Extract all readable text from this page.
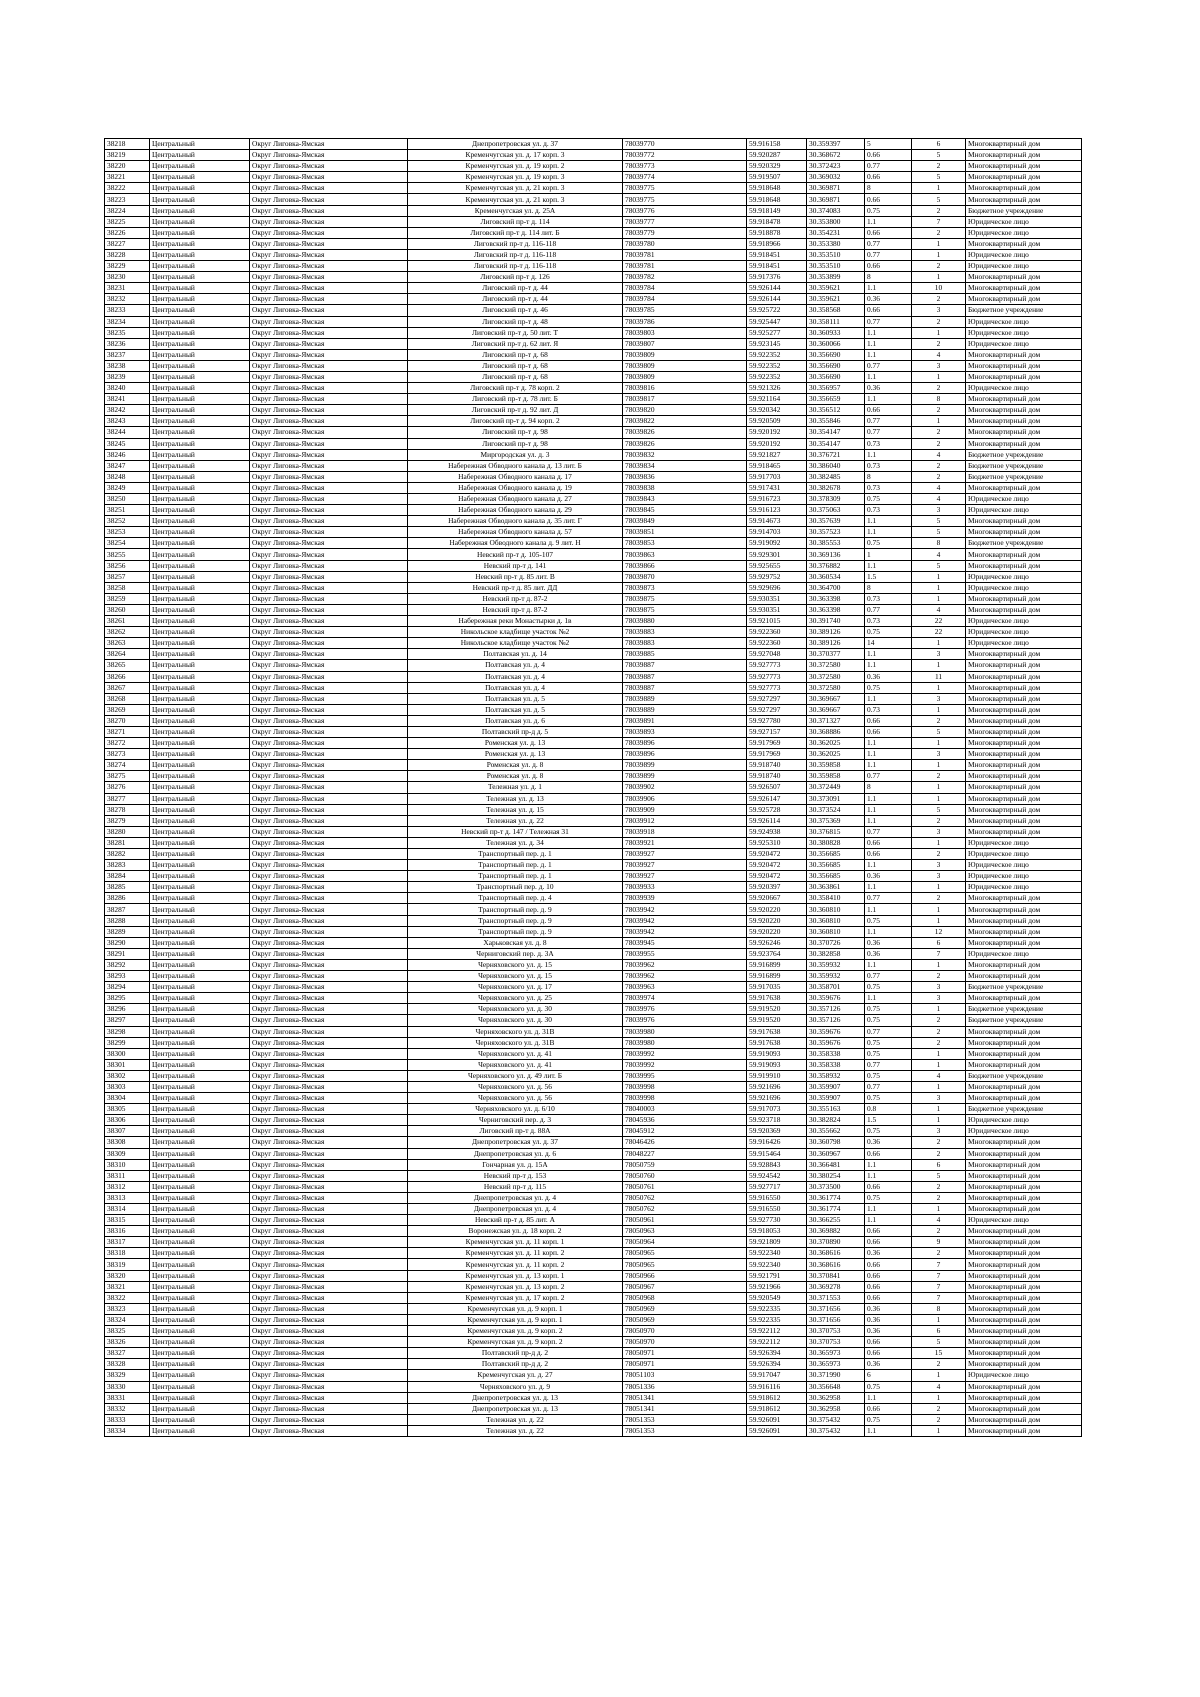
38218	Центральный	Округ Лиговка-Ямская	Днепропетровская ул. д. 37	78039770	59.916158	30.359397	5	6	Многоквартирный дом
38219	Центральный	Округ Лиговка-Ямская	Кременчугская ул. д. 17 корп. 3	78039772	59.920287	30.368672	0.66	5	Многоквартирный дом
38220	Центральный	Округ Лиговка-Ямская	Кременчугская ул. д. 19 корп. 2	78039773	59.920329	30.372423	0.77	2	Многоквартирный дом
38221	Центральный	Округ Лиговка-Ямская	Кременчугская ул. д. 19 корп. 3	78039774	59.919507	30.369032	0.66	5	Многоквартирный дом
38222	Центральный	Округ Лиговка-Ямская	Кременчугская ул. д. 21 корп. 3	78039775	59.918648	30.369871	8	1	Многоквартирный дом
38223	Центральный	Округ Лиговка-Ямская	Кременчугская ул. д. 21 корп. 3	78039775	59.918648	30.369871	0.66	5	Многоквартирный дом
38224	Центральный	Округ Лиговка-Ямская	Кременчугская ул. д. 25А	78039776	59.918149	30.374083	0.75	2	Бюджетное учреждение
38225	Центральный	Округ Лиговка-Ямская	Лиговский пр-т д. 114	78039777	59.918478	30.353800	1.1	7	Юридическое лицо
38226	Центральный	Округ Лиговка-Ямская	Лиговский пр-т д. 114 лит. Б	78039779	59.918878	30.354231	0.66	2	Юридическое лицо
38227	Центральный	Округ Лиговка-Ямская	Лиговский пр-т д. 116-118	78039780	59.918966	30.353380	0.77	1	Многоквартирный дом
38228	Центральный	Округ Лиговка-Ямская	Лиговский пр-т д. 116-118	78039781	59.918451	30.353510	0.77	1	Юридическое лицо
38229	Центральный	Округ Лиговка-Ямская	Лиговский пр-т д. 116-118	78039781	59.918451	30.353510	0.66	2	Юридическое лицо
38230	Центральный	Округ Лиговка-Ямская	Лиговский пр-т д. 126	78039782	59.917376	30.353899	8	1	Многоквартирный дом
38231	Центральный	Округ Лиговка-Ямская	Лиговский пр-т д. 44	78039784	59.926144	30.359621	1.1	10	Многоквартирный дом
38232	Центральный	Округ Лиговка-Ямская	Лиговский пр-т д. 44	78039784	59.926144	30.359621	0.36	2	Многоквартирный дом
38233	Центральный	Округ Лиговка-Ямская	Лиговский пр-т д. 46	78039785	59.925722	30.358568	0.66	3	Бюджетное учреждение
38234	Центральный	Округ Лиговка-Ямская	Лиговский пр-т д. 48	78039786	59.925447	30.358111	0.77	2	Юридическое лицо
38235	Центральный	Округ Лиговка-Ямская	Лиговский пр-т д. 50 лит. Т	78039803	59.925277	30.360933	1.1	1	Юридическое лицо
38236	Центральный	Округ Лиговка-Ямская	Лиговский пр-т д. 62 лит. Я	78039807	59.923145	30.360066	1.1	2	Юридическое лицо
38237	Центральный	Округ Лиговка-Ямская	Лиговский пр-т д. 68	78039809	59.922352	30.356690	1.1	4	Многоквартирный дом
38238	Центральный	Округ Лиговка-Ямская	Лиговский пр-т д. 68	78039809	59.922352	30.356690	0.77	3	Многоквартирный дом
38239	Центральный	Округ Лиговка-Ямская	Лиговский пр-т д. 68	78039809	59.922352	30.356690	1.1	1	Многоквартирный дом
38240	Центральный	Округ Лиговка-Ямская	Лиговский пр-т д. 78 корп. 2	78039816	59.921326	30.356957	0.36	2	Юридическое лицо
38241	Центральный	Округ Лиговка-Ямская	Лиговский пр-т д. 78 лит. Б	78039817	59.921164	30.356659	1.1	8	Многоквартирный дом
38242	Центральный	Округ Лиговка-Ямская	Лиговский пр-т д. 92 лит. Д	78039820	59.920342	30.356512	0.66	2	Многоквартирный дом
38243	Центральный	Округ Лиговка-Ямская	Лиговский пр-т д. 94 корп. 2	78039822	59.920509	30.355846	0.77	1	Многоквартирный дом
38244	Центральный	Округ Лиговка-Ямская	Лиговский пр-т д. 98	78039826	59.920192	30.354147	0.77	2	Многоквартирный дом
38245	Центральный	Округ Лиговка-Ямская	Лиговский пр-т д. 98	78039826	59.920192	30.354147	0.73	2	Многоквартирный дом
38246	Центральный	Округ Лиговка-Ямская	Миргородская ул. д. 3	78039832	59.921827	30.376721	1.1	4	Бюджетное учреждение
38247	Центральный	Округ Лиговка-Ямская	Набережная Обводного канала д. 13 лит. Б	78039834	59.918465	30.386040	0.73	2	Бюджетное учреждение
38248	Центральный	Округ Лиговка-Ямская	Набережная Обводного канала д. 17	78039836	59.917703	30.382485	8	2	Бюджетное учреждение
38249	Центральный	Округ Лиговка-Ямская	Набережная Обводного канала д. 19	78039838	59.917431	30.382678	0.73	4	Многоквартирный дом
38250	Центральный	Округ Лиговка-Ямская	Набережная Обводного канала д. 27	78039843	59.916723	30.378309	0.75	4	Юридическое лицо
38251	Центральный	Округ Лиговка-Ямская	Набережная Обводного канала д. 29	78039845	59.916123	30.375063	0.73	3	Юридическое лицо
38252	Центральный	Округ Лиговка-Ямская	Набережная Обводного канала д. 35 лит. Г	78039849	59.914673	30.357639	1.1	5	Многоквартирный дом
38253	Центральный	Округ Лиговка-Ямская	Набережная Обводного канала д. 57	78039851	59.914703	30.357523	1.1	5	Многоквартирный дом
38254	Центральный	Округ Лиговка-Ямская	Набережная Обводного канала д. 9 лит. Н	78039853	59.919092	30.385553	0.75	8	Бюджетное учреждение
38255	Центральный	Округ Лиговка-Ямская	Невский пр-т д. 105-107	78039863	59.929301	30.369136	1	4	Многоквартирный дом
38256	Центральный	Округ Лиговка-Ямская	Невский пр-т д. 141	78039866	59.925655	30.376882	1.1	5	Многоквартирный дом
38257	Центральный	Округ Лиговка-Ямская	Невский пр-т д. 85 лит. В	78039870	59.929752	30.360534	1.5	1	Юридическое лицо
38258	Центральный	Округ Лиговка-Ямская	Невский пр-т д. 85 лит. ДД	78039873	59.929696	30.364700	8	1	Юридическое лицо
38259	Центральный	Округ Лиговка-Ямская	Невский пр-т д. 87-2	78039875	59.930351	30.363398	0.73	1	Многоквартирный дом
38260	Центральный	Округ Лиговка-Ямская	Невский пр-т д. 87-2	78039875	59.930351	30.363398	0.77	4	Многоквартирный дом
38261	Центральный	Округ Лиговка-Ямская	Набережная реки Монастырки д. 1в	78039880	59.921015	30.391740	0.73	22	Юридическое лицо
38262	Центральный	Округ Лиговка-Ямская	Никольское кладбище участок №2	78039883	59.922360	30.389126	0.75	22	Юридическое лицо
38263	Центральный	Округ Лиговка-Ямская	Никольское кладбище участок №2	78039883	59.922360	30.389126	14	1	Юридическое лицо
38264	Центральный	Округ Лиговка-Ямская	Полтавская ул. д. 14	78039885	59.927048	30.370377	1.1	3	Многоквартирный дом
38265	Центральный	Округ Лиговка-Ямская	Полтавская ул. д. 4	78039887	59.927773	30.372580	1.1	1	Многоквартирный дом
38266	Центральный	Округ Лиговка-Ямская	Полтавская ул. д. 4	78039887	59.927773	30.372580	0.36	11	Многоквартирный дом
38267	Центральный	Округ Лиговка-Ямская	Полтавская ул. д. 4	78039887	59.927773	30.372580	0.75	1	Многоквартирный дом
38268	Центральный	Округ Лиговка-Ямская	Полтавская ул. д. 5	78039889	59.927297	30.369667	1.1	3	Многоквартирный дом
38269	Центральный	Округ Лиговка-Ямская	Полтавская ул. д. 5	78039889	59.927297	30.369667	0.73	1	Многоквартирный дом
38270	Центральный	Округ Лиговка-Ямская	Полтавская ул. д. 6	78039891	59.927780	30.371327	0.66	2	Многоквартирный дом
38271	Центральный	Округ Лиговка-Ямская	Полтавский пр-д д. 5	78039893	59.927157	30.368886	0.66	5	Многоквартирный дом
38272	Центральный	Округ Лиговка-Ямская	Роменская ул. д. 13	78039896	59.917969	30.362025	1.1	1	Многоквартирный дом
38273	Центральный	Округ Лиговка-Ямская	Роменская ул. д. 13	78039896	59.917969	30.362025	1.1	3	Многоквартирный дом
38274	Центральный	Округ Лиговка-Ямская	Роменская ул. д. 8	78039899	59.918740	30.359858	1.1	1	Многоквартирный дом
38275	Центральный	Округ Лиговка-Ямская	Роменская ул. д. 8	78039899	59.918740	30.359858	0.77	2	Многоквартирный дом
38276	Центральный	Округ Лиговка-Ямская	Тележная ул. д. 1	78039902	59.926507	30.372449	8	1	Многоквартирный дом
38277	Центральный	Округ Лиговка-Ямская	Тележная ул. д. 13	78039906	59.926147	30.373091	1.1	1	Многоквартирный дом
38278	Центральный	Округ Лиговка-Ямская	Тележная ул. д. 15	78039909	59.925728	30.373524	1.1	5	Многоквартирный дом
38279	Центральный	Округ Лиговка-Ямская	Тележная ул. д. 22	78039912	59.926114	30.375369	1.1	2	Многоквартирный дом
38280	Центральный	Округ Лиговка-Ямская	Невский пр-т д. 147 / Тележная 31	78039918	59.924938	30.376815	0.77	3	Многоквартирный дом
38281	Центральный	Округ Лиговка-Ямская	Тележная ул. д. 34	78039921	59.925310	30.380828	0.66	1	Юридическое лицо
38282	Центральный	Округ Лиговка-Ямская	Транспортный пер. д. 1	78039927	59.920472	30.356685	0.66	2	Юридическое лицо
38283	Центральный	Округ Лиговка-Ямская	Транспортный пер. д. 1	78039927	59.920472	30.356685	1.1	3	Юридическое лицо
38284	Центральный	Округ Лиговка-Ямская	Транспортный пер. д. 1	78039927	59.920472	30.356685	0.36	3	Юридическое лицо
38285	Центральный	Округ Лиговка-Ямская	Транспортный пер. д. 10	78039933	59.920397	30.363861	1.1	1	Юридическое лицо
38286	Центральный	Округ Лиговка-Ямская	Транспортный пер. д. 4	78039939	59.920667	30.358410	0.77	2	Многоквартирный дом
38287	Центральный	Округ Лиговка-Ямская	Транспортный пер. д. 9	78039942	59.920220	30.360810	1.1	1	Многоквартирный дом
38288	Центральный	Округ Лиговка-Ямская	Транспортный пер. д. 9	78039942	59.920220	30.360810	0.75	1	Многоквартирный дом
38289	Центральный	Округ Лиговка-Ямская	Транспортный пер. д. 9	78039942	59.920220	30.360810	1.1	12	Многоквартирный дом
38290	Центральный	Округ Лиговка-Ямская	Харьковская ул. д. 8	78039945	59.926246	30.370726	0.36	6	Многоквартирный дом
38291	Центральный	Округ Лиговка-Ямская	Черниговский пер. д. 3А	78039955	59.923764	30.382858	0.36	7	Юридическое лицо
38292	Центральный	Округ Лиговка-Ямская	Черняховского ул. д. 15	78039962	59.916899	30.359932	1.1	1	Многоквартирный дом
38293	Центральный	Округ Лиговка-Ямская	Черняховского ул. д. 15	78039962	59.916899	30.359932	0.77	2	Многоквартирный дом
38294	Центральный	Округ Лиговка-Ямская	Черняховского ул. д. 17	78039963	59.917035	30.358701	0.75	3	Бюджетное учреждение
38295	Центральный	Округ Лиговка-Ямская	Черняховского ул. д. 25	78039974	59.917638	30.359676	1.1	3	Многоквартирный дом
38296	Центральный	Округ Лиговка-Ямская	Черняховского ул. д. 30	78039976	59.919520	30.357126	0.75	1	Бюджетное учреждение
38297	Центральный	Округ Лиговка-Ямская	Черняховского ул. д. 30	78039976	59.919520	30.357126	0.75	2	Бюджетное учреждение
38298	Центральный	Округ Лиговка-Ямская	Черняховского ул. д. 31В	78039980	59.917638	30.359676	0.77	2	Многоквартирный дом
38299	Центральный	Округ Лиговка-Ямская	Черняховского ул. д. 31В	78039980	59.917638	30.359676	0.75	2	Многоквартирный дом
38300	Центральный	Округ Лиговка-Ямская	Черняховского ул. д. 41	78039992	59.919093	30.358338	0.75	1	Многоквартирный дом
38301	Центральный	Округ Лиговка-Ямская	Черняховского ул. д. 41	78039992	59.919093	30.358338	0.77	1	Многоквартирный дом
38302	Центральный	Округ Лиговка-Ямская	Черняховского ул. д. 49 лит. Б	78039995	59.919910	30.358932	0.75	4	Бюджетное учреждение
38303	Центральный	Округ Лиговка-Ямская	Черняховского ул. д. 56	78039998	59.921696	30.359907	0.77	1	Многоквартирный дом
38304	Центральный	Округ Лиговка-Ямская	Черняховского ул. д. 56	78039998	59.921696	30.359907	0.75	3	Многоквартирный дом
38305	Центральный	Округ Лиговка-Ямская	Черняховского ул. д. 6/10	78040003	59.917073	30.355163	0.8	1	Бюджетное учреждение
38306	Центральный	Округ Лиговка-Ямская	Черниговский пер. д. 3	78045936	59.923718	30.382824	1.5	1	Юридическое лицо
38307	Центральный	Округ Лиговка-Ямская	Лиговский пр-т д. 88А	78045912	59.920369	30.355662	0.75	3	Юридическое лицо
38308	Центральный	Округ Лиговка-Ямская	Днепропетровская ул. д. 37	78046426	59.916426	30.360798	0.36	2	Многоквартирный дом
38309	Центральный	Округ Лиговка-Ямская	Днепропетровская ул. д. 6	78048227	59.915464	30.360967	0.66	2	Многоквартирный дом
38310	Центральный	Округ Лиговка-Ямская	Гончарная ул. д. 15А	78050759	59.928843	30.366481	1.1	6	Многоквартирный дом
38311	Центральный	Округ Лиговка-Ямская	Невский пр-т д. 153	78050760	59.924542	30.380254	1.1	5	Многоквартирный дом
38312	Центральный	Округ Лиговка-Ямская	Невский пр-т д. 115	78050761	59.927717	30.373500	0.66	2	Многоквартирный дом
38313	Центральный	Округ Лиговка-Ямская	Днепропетровская ул. д. 4	78050762	59.916550	30.361774	0.75	2	Многоквартирный дом
38314	Центральный	Округ Лиговка-Ямская	Днепропетровская ул. д. 4	78050762	59.916550	30.361774	1.1	1	Многоквартирный дом
38315	Центральный	Округ Лиговка-Ямская	Невский пр-т д. 85 лит. А	78050961	59.927730	30.366255	1.1	4	Юридическое лицо
38316	Центральный	Округ Лиговка-Ямская	Воронежская ул. д. 18 корп. 2	78050963	59.918053	30.369882	0.66	2	Многоквартирный дом
38317	Центральный	Округ Лиговка-Ямская	Кременчугская ул. д. 11 корп. 1	78050964	59.921809	30.370890	0.66	9	Многоквартирный дом
38318	Центральный	Округ Лиговка-Ямская	Кременчугская ул. д. 11 корп. 2	78050965	59.922340	30.368616	0.36	2	Многоквартирный дом
38319	Центральный	Округ Лиговка-Ямская	Кременчугская ул. д. 11 корп. 2	78050965	59.922340	30.368616	0.66	7	Многоквартирный дом
38320	Центральный	Округ Лиговка-Ямская	Кременчугская ул. д. 13 корп. 1	78050966	59.921791	30.370841	0.66	7	Многоквартирный дом
38321	Центральный	Округ Лиговка-Ямская	Кременчугская ул. д. 13 корп. 2	78050967	59.921966	30.369278	0.66	7	Многоквартирный дом
38322	Центральный	Округ Лиговка-Ямская	Кременчугская ул. д. 17 корп. 2	78050968	59.920549	30.371553	0.66	7	Многоквартирный дом
38323	Центральный	Округ Лиговка-Ямская	Кременчугская ул. д. 9 корп. 1	78050969	59.922335	30.371656	0.36	8	Многоквартирный дом
38324	Центральный	Округ Лиговка-Ямская	Кременчугская ул. д. 9 корп. 1	78050969	59.922335	30.371656	0.36	1	Многоквартирный дом
38325	Центральный	Округ Лиговка-Ямская	Кременчугская ул. д. 9 корп. 2	78050970	59.922112	30.370753	0.36	6	Многоквартирный дом
38326	Центральный	Округ Лиговка-Ямская	Кременчугская ул. д. 9 корп. 2	78050970	59.922112	30.370753	0.66	5	Многоквартирный дом
38327	Центральный	Округ Лиговка-Ямская	Полтавский пр-д д. 2	78050971	59.926394	30.365973	0.66	15	Многоквартирный дом
38328	Центральный	Округ Лиговка-Ямская	Полтавский пр-д д. 2	78050971	59.926394	30.365973	0.36	2	Многоквартирный дом
38329	Центральный	Округ Лиговка-Ямская	Кременчугская ул. д. 27	78051103	59.917047	30.371990	6	1	Юридическое лицо
38330	Центральный	Округ Лиговка-Ямская	Черняховского ул. д. 9	78051336	59.916116	30.356648	0.75	4	Многоквартирный дом
38331	Центральный	Округ Лиговка-Ямская	Днепропетровская ул. д. 13	78051341	59.918612	30.362958	1.1	1	Многоквартирный дом
38332	Центральный	Округ Лиговка-Ямская	Днепропетровская ул. д. 13	78051341	59.918612	30.362958	0.66	2	Многоквартирный дом
38333	Центральный	Округ Лиговка-Ямская	Тележная ул. д. 22	78051353	59.926091	30.375432	0.75	2	Многоквартирный дом
38334	Центральный	Округ Лиговка-Ямская	Тележная ул. д. 22	78051353	59.926091	30.375432	1.1	1	Многоквартирный дом
